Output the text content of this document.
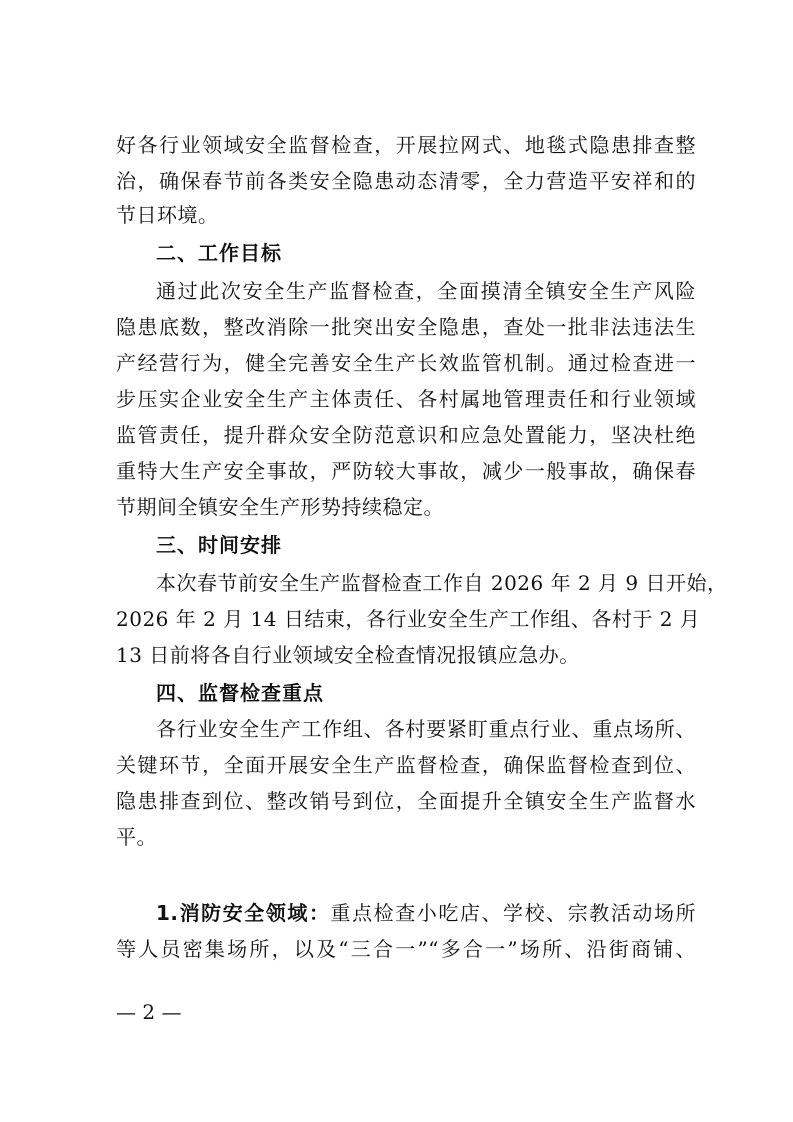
好各行业领域安全监督检查，开展拉网式、地毯式隐患排查整
治，确保春节前各类安全隐患动态清零，全力营造平安祥和的
节日环境。
二、工作目标
通过此次安全生产监督检查，全面摸清全镇安全生产风险
隐患底数，整改消除一批突出安全隐患，查处一批非法违法生
产经营行为，健全完善安全生产长效监管机制。通过检查进一
步压实企业安全生产主体责任、各村属地管理责任和行业领域
监管责任，提升群众安全防范意识和应急处置能力，坚决杜绝
重特大生产安全事故，严防较大事故，减少一般事故，确保春
节期间全镇安全生产形势持续稳定。
三、时间安排
本次春节前安全生产监督检查工作自 2026 年 2 月 9 日开始，
2026 年 2 月 14 日结束，各行业安全生产工作组、各村于 2 月
13 日前将各自行业领域安全检查情况报镇应急办。
四、监督检查重点
各行业安全生产工作组、各村要紧盯重点行业、重点场所、
关键环节，全面开展安全生产监督检查，确保监督检查到位、
隐患排查到位、整改销号到位，全面提升全镇安全生产监督水
平。
1.消防安全领域：重点检查小吃店、学校、宗教活动场所
等人员密集场所，以及“三合一”“多合一”场所、沿街商铺、
— 2 —
